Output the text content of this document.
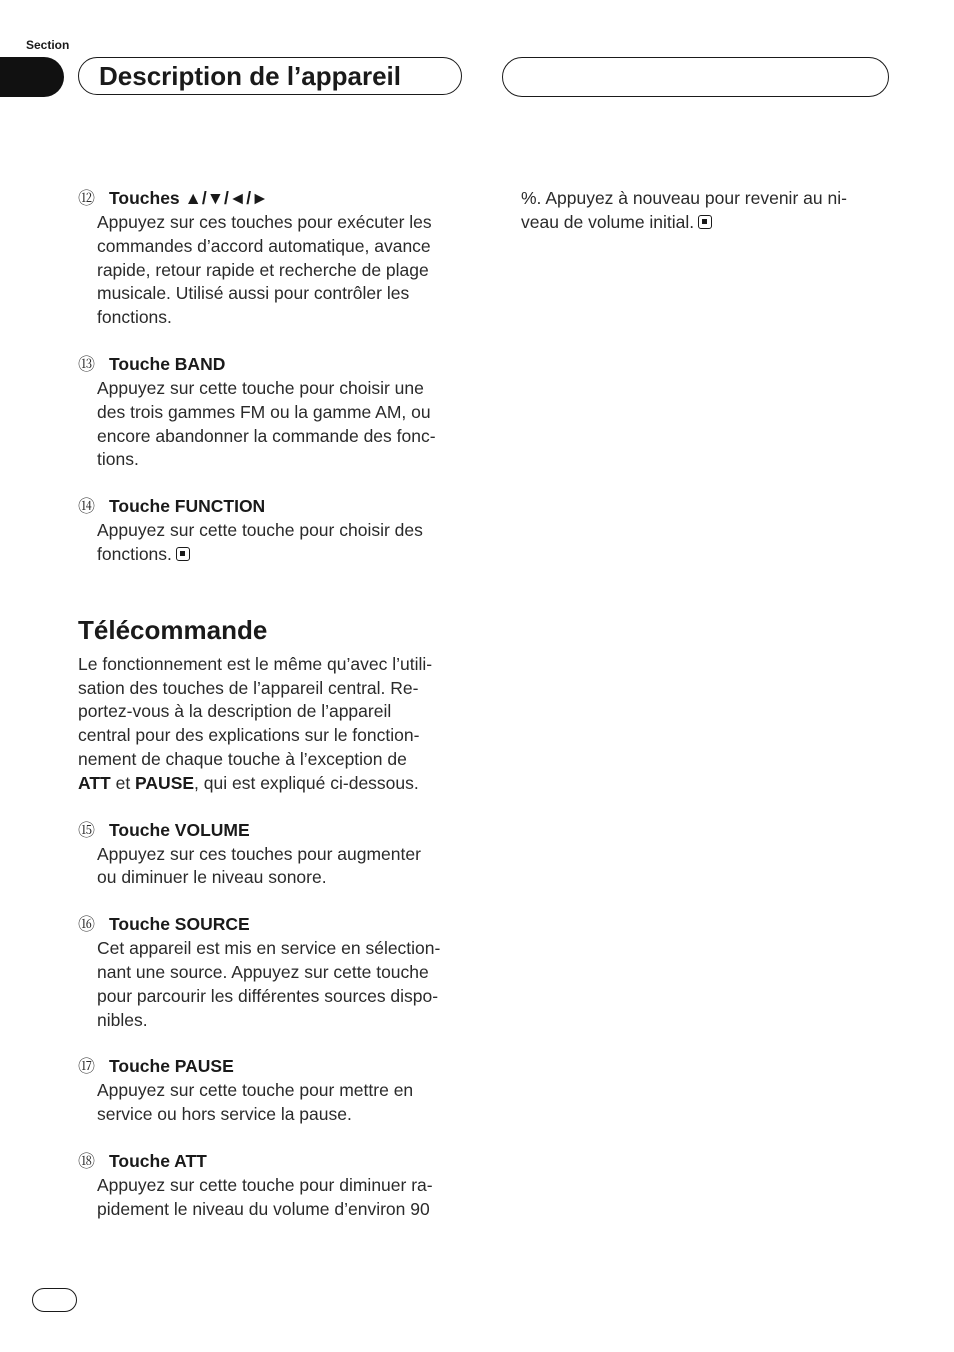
Section
Description de l’appareil
⑫ Touches ▲/▼/◄/►
Appuyez sur ces touches pour exécuter les
commandes d’accord automatique, avance
rapide, retour rapide et recherche de plage
musicale. Utilisé aussi pour contrôler les
fonctions.
⑬ Touche BAND
Appuyez sur cette touche pour choisir une
des trois gammes FM ou la gamme AM, ou
encore abandonner la commande des fonc-
tions.
⑭ Touche FUNCTION
Appuyez sur cette touche pour choisir des
fonctions.
Télécommande
Le fonctionnement est le même qu’avec l’utili-
sation des touches de l’appareil central. Re-
portez-vous à la description de l’appareil
central pour des explications sur le fonction-
nement de chaque touche à l’exception de
ATT et PAUSE, qui est expliqué ci-dessous.
⑮ Touche VOLUME
Appuyez sur ces touches pour augmenter
ou diminuer le niveau sonore.
⑯ Touche SOURCE
Cet appareil est mis en service en sélection-
nant une source. Appuyez sur cette touche
pour parcourir les différentes sources dispo-
nibles.
⑰ Touche PAUSE
Appuyez sur cette touche pour mettre en
service ou hors service la pause.
⑱ Touche ATT
Appuyez sur cette touche pour diminuer ra-
pidement le niveau du volume d’environ 90
%. Appuyez à nouveau pour revenir au ni-
veau de volume initial.
